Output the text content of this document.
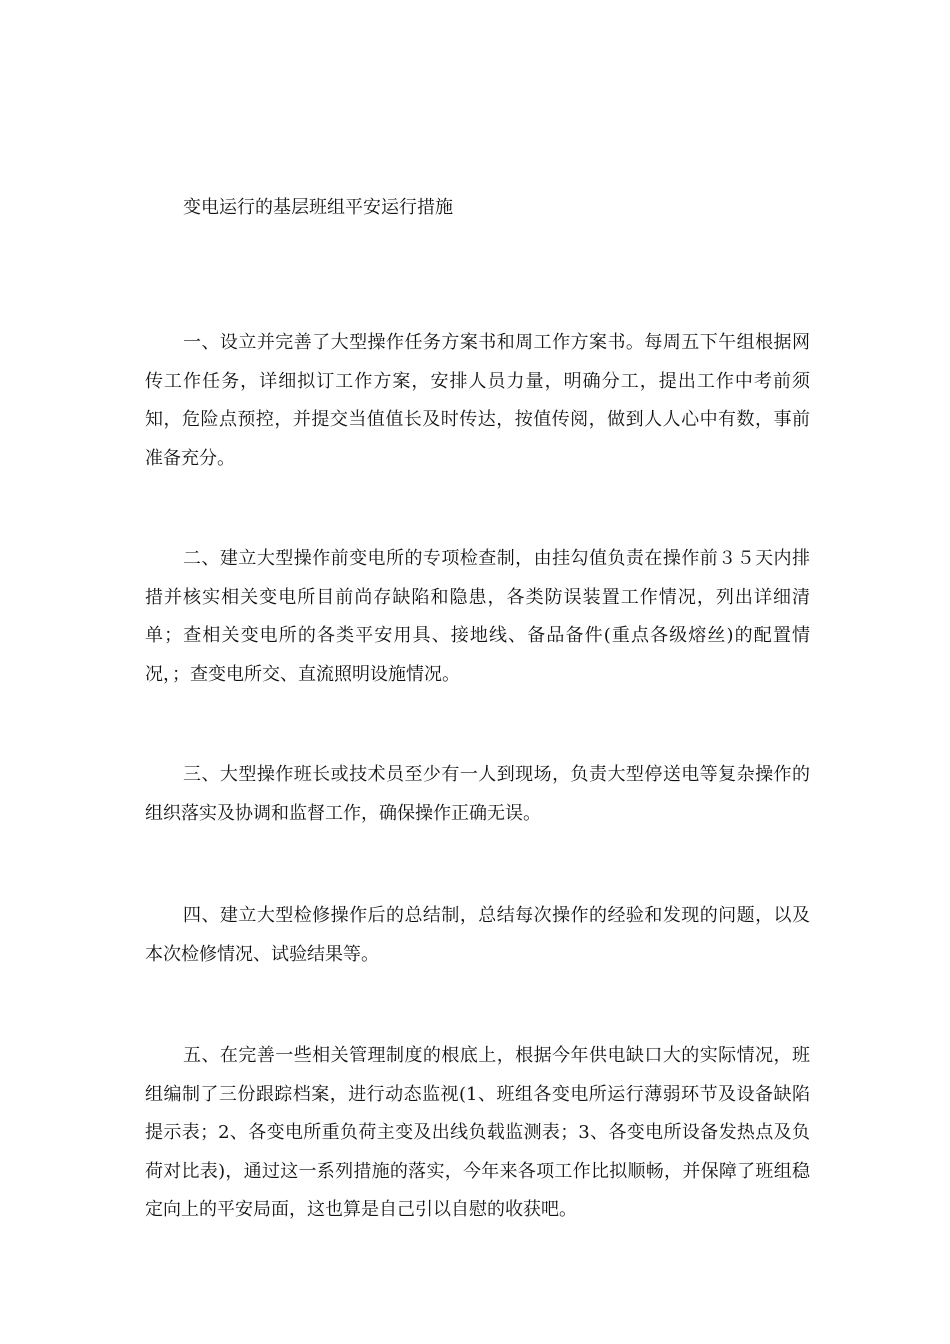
变电运行的基层班组平安运行措施

一、设立并完善了大型操作任务方案书和周工作方案书。每周五下午组根据网传工作任务，详细拟订工作方案，安排人员力量，明确分工，提出工作中考前须知，危险点预控，并提交当值值长及时传达，按值传阅，做到人人心中有数，事前准备充分。

二、建立大型操作前变电所的专项检查制，由挂勾值负责在操作前３５天内排措并核实相关变电所目前尚存缺陷和隐患，各类防误装置工作情况，列出详细清单；查相关变电所的各类平安用具、接地线、备品备件(重点各级熔丝)的配置情况，；查变电所交、直流照明设施情况。

三、大型操作班长或技术员至少有一人到现场，负责大型停送电等复杂操作的组织落实及协调和监督工作，确保操作正确无误。

四、建立大型检修操作后的总结制，总结每次操作的经验和发现的问题，以及本次检修情况、试验结果等。

五、在完善一些相关管理制度的根底上，根据今年供电缺口大的实际情况，班组编制了三份跟踪档案，进行动态监视(1、班组各变电所运行薄弱环节及设备缺陷提示表；2、各变电所重负荷主变及出线负载监测表；3、各变电所设备发热点及负荷对比表)，通过这一系列措施的落实，今年来各项工作比拟顺畅，并保障了班组稳定向上的平安局面，这也算是自己引以自慰的收获吧。
